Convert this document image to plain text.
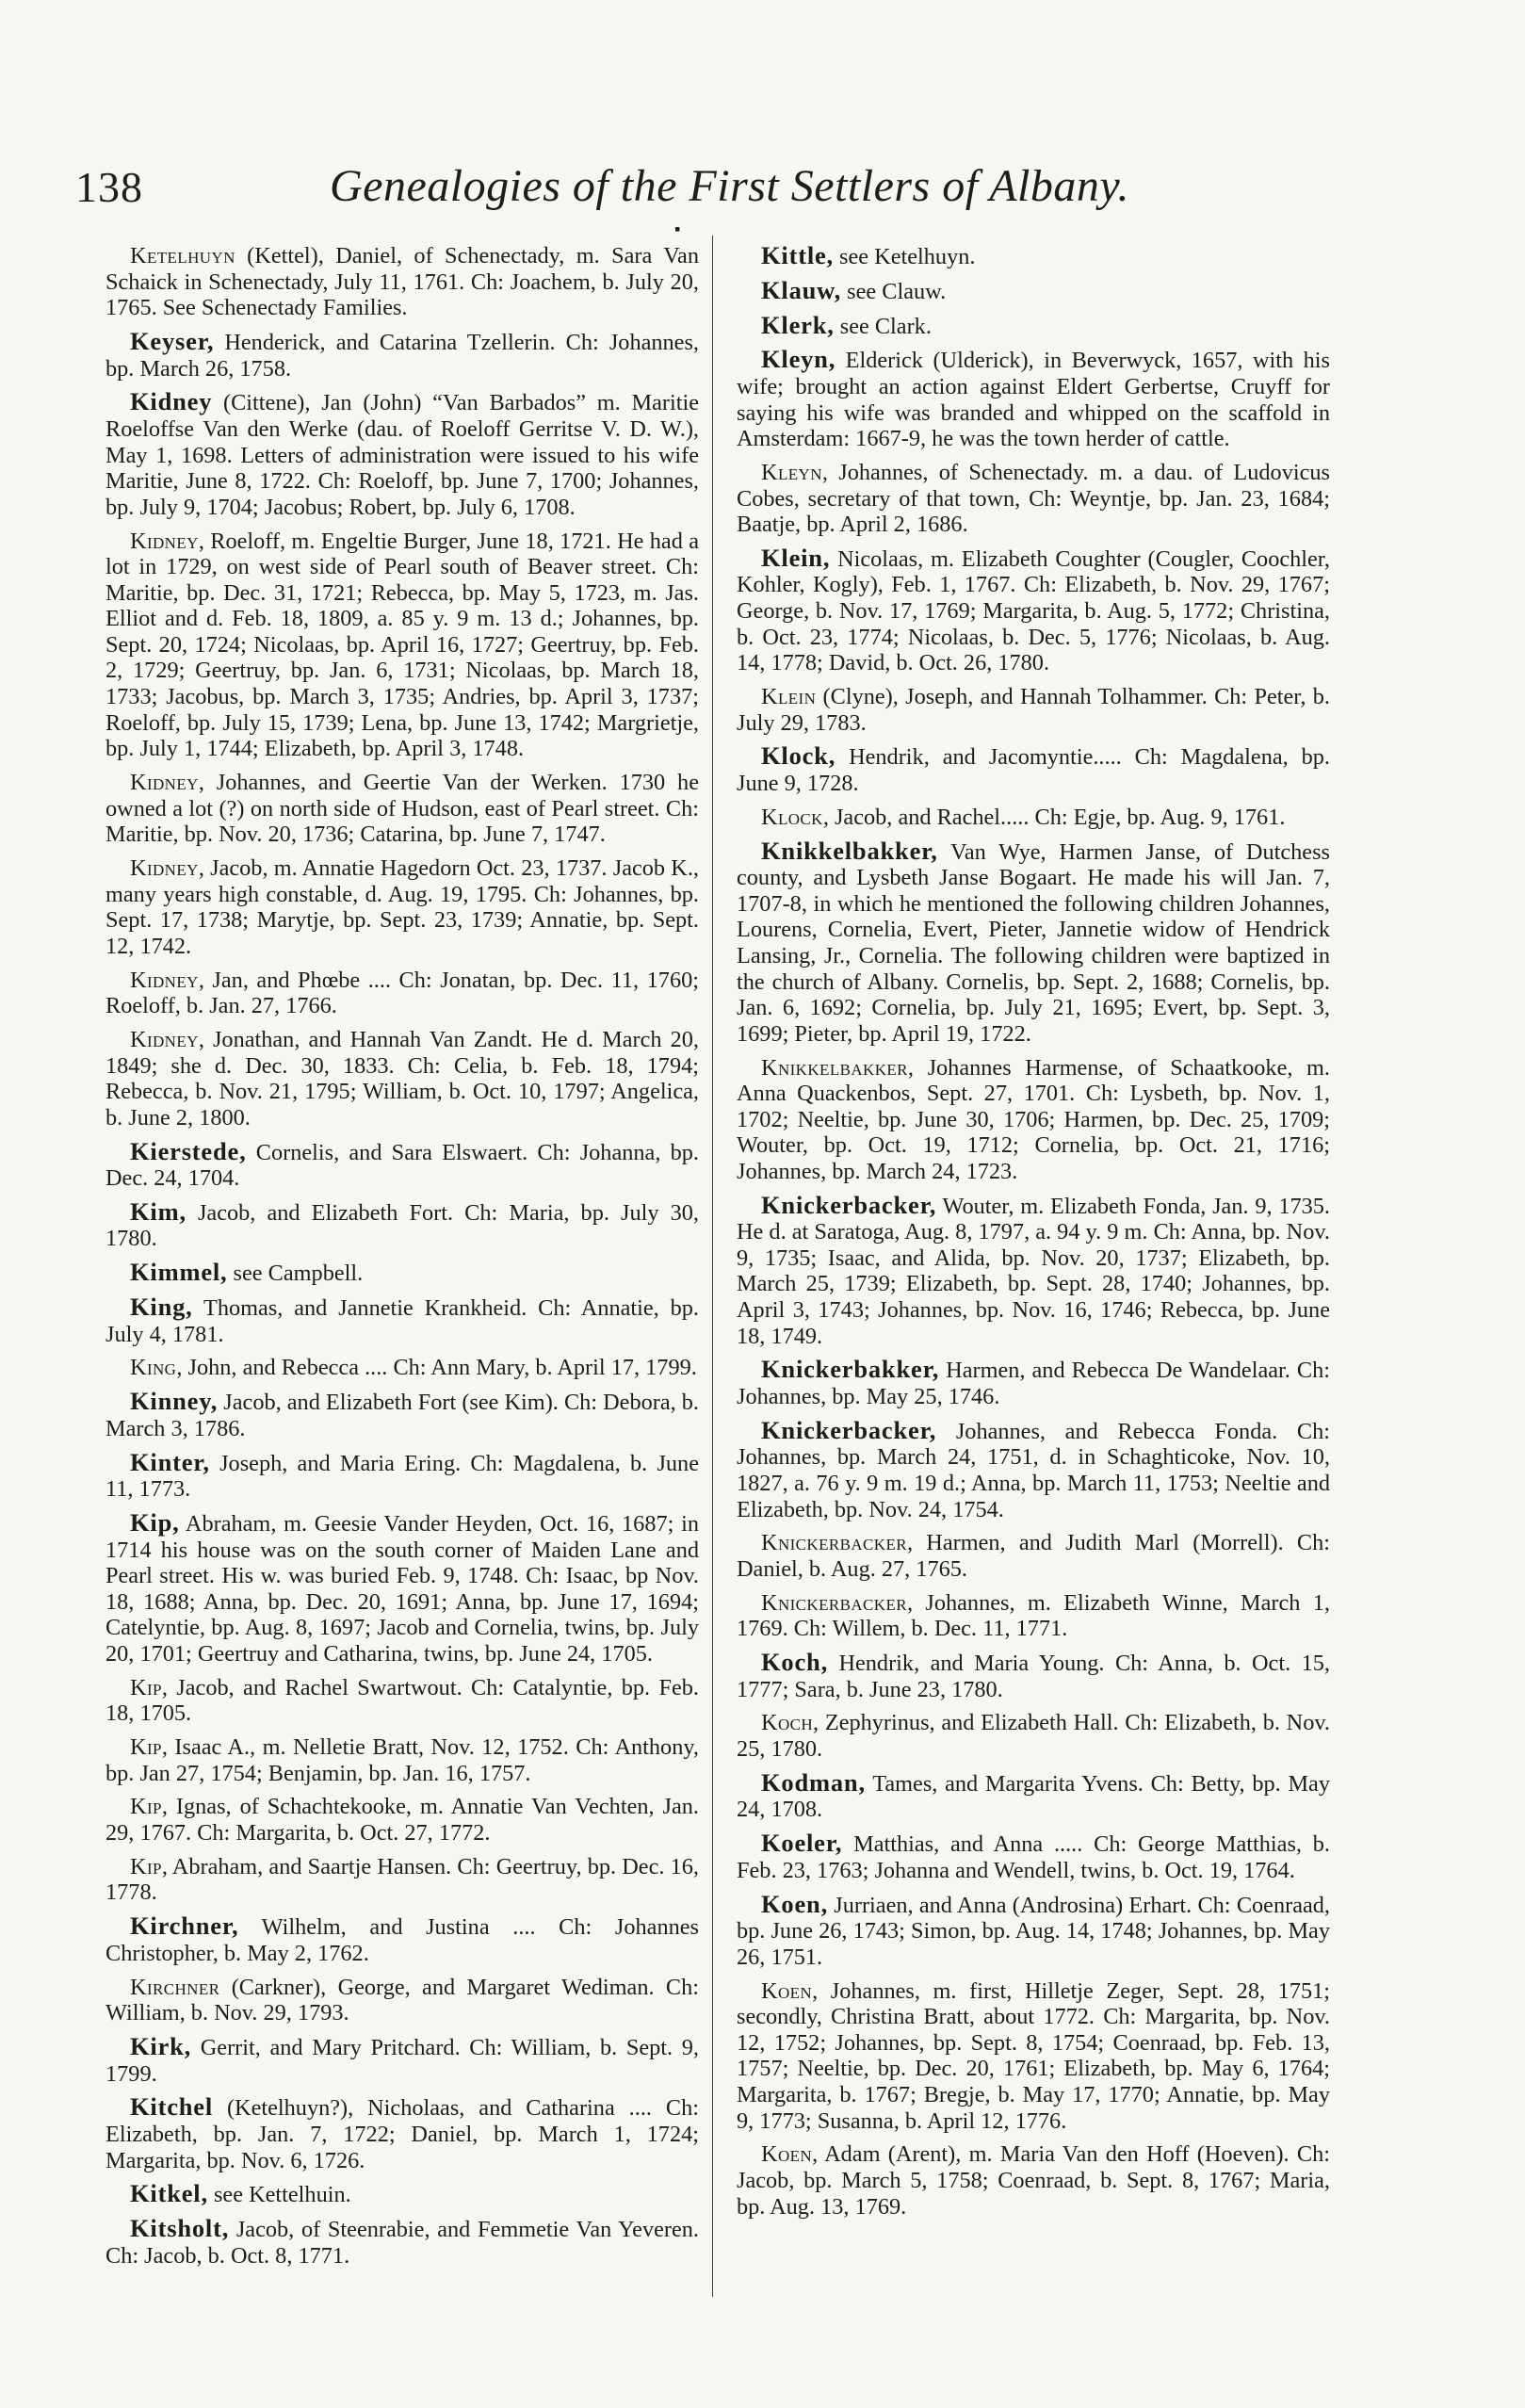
138	Genealogies of the First Settlers of Albany.
▪

Ketelhuyn (Kettel), Daniel, of Schenectady, m. Sara Van Schaick in Schenectady, July 11, 1761. Ch: Joachem, b. July 20, 1765. See Schenectady Families.

Keyser, Henderick, and Catarina Tzellerin. Ch: Johannes, bp. March 26, 1758.

Kidney (Cittene), Jan (John) “Van Barbados” m. Maritie Roeloffse Van den Werke (dau. of Roeloff Gerritse V. D. W.), May 1, 1698. Letters of administration were issued to his wife Maritie, June 8, 1722. Ch: Roeloff, bp. June 7, 1700; Johannes, bp. July 9, 1704; Jacobus; Robert, bp. July 6, 1708.

Kidney, Roeloff, m. Engeltie Burger, June 18, 1721. He had a lot in 1729, on west side of Pearl south of Beaver street. Ch: Maritie, bp. Dec. 31, 1721; Rebecca, bp. May 5, 1723, m. Jas. Elliot and d. Feb. 18, 1809, a. 85 y. 9 m. 13 d.; Johannes, bp. Sept. 20, 1724; Nicolaas, bp. April 16, 1727; Geertruy, bp. Feb. 2, 1729; Geertruy, bp. Jan. 6, 1731; Nicolaas, bp. March 18, 1733; Jacobus, bp. March 3, 1735; Andries, bp. April 3, 1737; Roeloff, bp. July 15, 1739; Lena, bp. June 13, 1742; Margrietje, bp. July 1, 1744; Elizabeth, bp. April 3, 1748.

Kidney, Johannes, and Geertie Van der Werken. 1730 he owned a lot (?) on north side of Hudson, east of Pearl street. Ch: Maritie, bp. Nov. 20, 1736; Catarina, bp. June 7, 1747.

Kidney, Jacob, m. Annatie Hagedorn Oct. 23, 1737. Jacob K., many years high constable, d. Aug. 19, 1795. Ch: Johannes, bp. Sept. 17, 1738; Marytje, bp. Sept. 23, 1739; Annatie, bp. Sept. 12, 1742.

Kidney, Jan, and Phœbe .... Ch: Jonatan, bp. Dec. 11, 1760; Roeloff, b. Jan. 27, 1766.

Kidney, Jonathan, and Hannah Van Zandt. He d. March 20, 1849; she d. Dec. 30, 1833. Ch: Celia, b. Feb. 18, 1794; Rebecca, b. Nov. 21, 1795; William, b. Oct. 10, 1797; Angelica, b. June 2, 1800.

Kierstede, Cornelis, and Sara Elswaert. Ch: Johanna, bp. Dec. 24, 1704.

Kim, Jacob, and Elizabeth Fort. Ch: Maria, bp. July 30, 1780.

Kimmel, see Campbell.

King, Thomas, and Jannetie Krankheid. Ch: Annatie, bp. July 4, 1781.

King, John, and Rebecca .... Ch: Ann Mary, b. April 17, 1799.

Kinney, Jacob, and Elizabeth Fort (see Kim). Ch: Debora, b. March 3, 1786.

Kinter, Joseph, and Maria Ering. Ch: Magdalena, b. June 11, 1773.

Kip, Abraham, m. Geesie Vander Heyden, Oct. 16, 1687; in 1714 his house was on the south corner of Maiden Lane and Pearl street. His w. was buried Feb. 9, 1748. Ch: Isaac, bp Nov. 18, 1688; Anna, bp. Dec. 20, 1691; Anna, bp. June 17, 1694; Catelyntie, bp. Aug. 8, 1697; Jacob and Cornelia, twins, bp. July 20, 1701; Geertruy and Catharina, twins, bp. June 24, 1705.

Kip, Jacob, and Rachel Swartwout. Ch: Catalyntie, bp. Feb. 18, 1705.

Kip, Isaac A., m. Nelletie Bratt, Nov. 12, 1752. Ch: Anthony, bp. Jan 27, 1754; Benjamin, bp. Jan. 16, 1757.

Kip, Ignas, of Schachtekooke, m. Annatie Van Vechten, Jan. 29, 1767. Ch: Margarita, b. Oct. 27, 1772.

Kip, Abraham, and Saartje Hansen. Ch: Geertruy, bp. Dec. 16, 1778.

Kirchner, Wilhelm, and Justina .... Ch: Johannes Christopher, b. May 2, 1762.

Kirchner (Carkner), George, and Margaret Wediman. Ch: William, b. Nov. 29, 1793.

Kirk, Gerrit, and Mary Pritchard. Ch: William, b. Sept. 9, 1799.

Kitchel (Ketelhuyn?), Nicholaas, and Catharina .... Ch: Elizabeth, bp. Jan. 7, 1722; Daniel, bp. March 1, 1724; Margarita, bp. Nov. 6, 1726.

Kitkel, see Kettelhuin.

Kitsholt, Jacob, of Steenrabie, and Femmetie Van Yeveren. Ch: Jacob, b. Oct. 8, 1771.

Kittle, see Ketelhuyn.

Klauw, see Clauw.

Klerk, see Clark.

Kleyn, Elderick (Ulderick), in Beverwyck, 1657, with his wife; brought an action against Eldert Gerbertse, Cruyff for saying his wife was branded and whipped on the scaffold in Amsterdam: 1667-9, he was the town herder of cattle.

Kleyn, Johannes, of Schenectady. m. a dau. of Ludovicus Cobes, secretary of that town, Ch: Weyntje, bp. Jan. 23, 1684; Baatje, bp. April 2, 1686.

Klein, Nicolaas, m. Elizabeth Coughter (Cougler, Coochler, Kohler, Kogly), Feb. 1, 1767. Ch: Elizabeth, b. Nov. 29, 1767; George, b. Nov. 17, 1769; Margarita, b. Aug. 5, 1772; Christina, b. Oct. 23, 1774; Nicolaas, b. Dec. 5, 1776; Nicolaas, b. Aug. 14, 1778; David, b. Oct. 26, 1780.

Klein (Clyne), Joseph, and Hannah Tolhammer. Ch: Peter, b. July 29, 1783.

Klock, Hendrik, and Jacomyntie..... Ch: Magdalena, bp. June 9, 1728.

Klock, Jacob, and Rachel..... Ch: Egje, bp. Aug. 9, 1761.

Knikkelbakker, Van Wye, Harmen Janse, of Dutchess county, and Lysbeth Janse Bogaart. He made his will Jan. 7, 1707-8, in which he mentioned the following children Johannes, Lourens, Cornelia, Evert, Pieter, Jannetie widow of Hendrick Lansing, Jr., Cornelia. The following children were baptized in the church of Albany. Cornelis, bp. Sept. 2, 1688; Cornelis, bp. Jan. 6, 1692; Cornelia, bp. July 21, 1695; Evert, bp. Sept. 3, 1699; Pieter, bp. April 19, 1722.

Knikkelbakker, Johannes Harmense, of Schaatkooke, m. Anna Quackenbos, Sept. 27, 1701. Ch: Lysbeth, bp. Nov. 1, 1702; Neeltie, bp. June 30, 1706; Harmen, bp. Dec. 25, 1709; Wouter, bp. Oct. 19, 1712; Cornelia, bp. Oct. 21, 1716; Johannes, bp. March 24, 1723.

Knickerbacker, Wouter, m. Elizabeth Fonda, Jan. 9, 1735. He d. at Saratoga, Aug. 8, 1797, a. 94 y. 9 m. Ch: Anna, bp. Nov. 9, 1735; Isaac, and Alida, bp. Nov. 20, 1737; Elizabeth, bp. March 25, 1739; Elizabeth, bp. Sept. 28, 1740; Johannes, bp. April 3, 1743; Johannes, bp. Nov. 16, 1746; Rebecca, bp. June 18, 1749.

Knickerbakker, Harmen, and Rebecca De Wandelaar. Ch: Johannes, bp. May 25, 1746.

Knickerbacker, Johannes, and Rebecca Fonda. Ch: Johannes, bp. March 24, 1751, d. in Schaghticoke, Nov. 10, 1827, a. 76 y. 9 m. 19 d.; Anna, bp. March 11, 1753; Neeltie and Elizabeth, bp. Nov. 24, 1754.

Knickerbacker, Harmen, and Judith Marl (Morrell). Ch: Daniel, b. Aug. 27, 1765.

Knickerbacker, Johannes, m. Elizabeth Winne, March 1, 1769. Ch: Willem, b. Dec. 11, 1771.

Koch, Hendrik, and Maria Young. Ch: Anna, b. Oct. 15, 1777; Sara, b. June 23, 1780.

Koch, Zephyrinus, and Elizabeth Hall. Ch: Elizabeth, b. Nov. 25, 1780.

Kodman, Tames, and Margarita Yvens. Ch: Betty, bp. May 24, 1708.

Koeler, Matthias, and Anna ..... Ch: George Matthias, b. Feb. 23, 1763; Johanna and Wendell, twins, b. Oct. 19, 1764.

Koen, Jurriaen, and Anna (Androsina) Erhart. Ch: Coenraad, bp. June 26, 1743; Simon, bp. Aug. 14, 1748; Johannes, bp. May 26, 1751.

Koen, Johannes, m. first, Hilletje Zeger, Sept. 28, 1751; secondly, Christina Bratt, about 1772. Ch: Margarita, bp. Nov. 12, 1752; Johannes, bp. Sept. 8, 1754; Coenraad, bp. Feb. 13, 1757; Neeltie, bp. Dec. 20, 1761; Elizabeth, bp. May 6, 1764; Margarita, b. 1767; Bregje, b. May 17, 1770; Annatie, bp. May 9, 1773; Susanna, b. April 12, 1776.

Koen, Adam (Arent), m. Maria Van den Hoff (Hoeven). Ch: Jacob, bp. March 5, 1758; Coenraad, b. Sept. 8, 1767; Maria, bp. Aug. 13, 1769.
